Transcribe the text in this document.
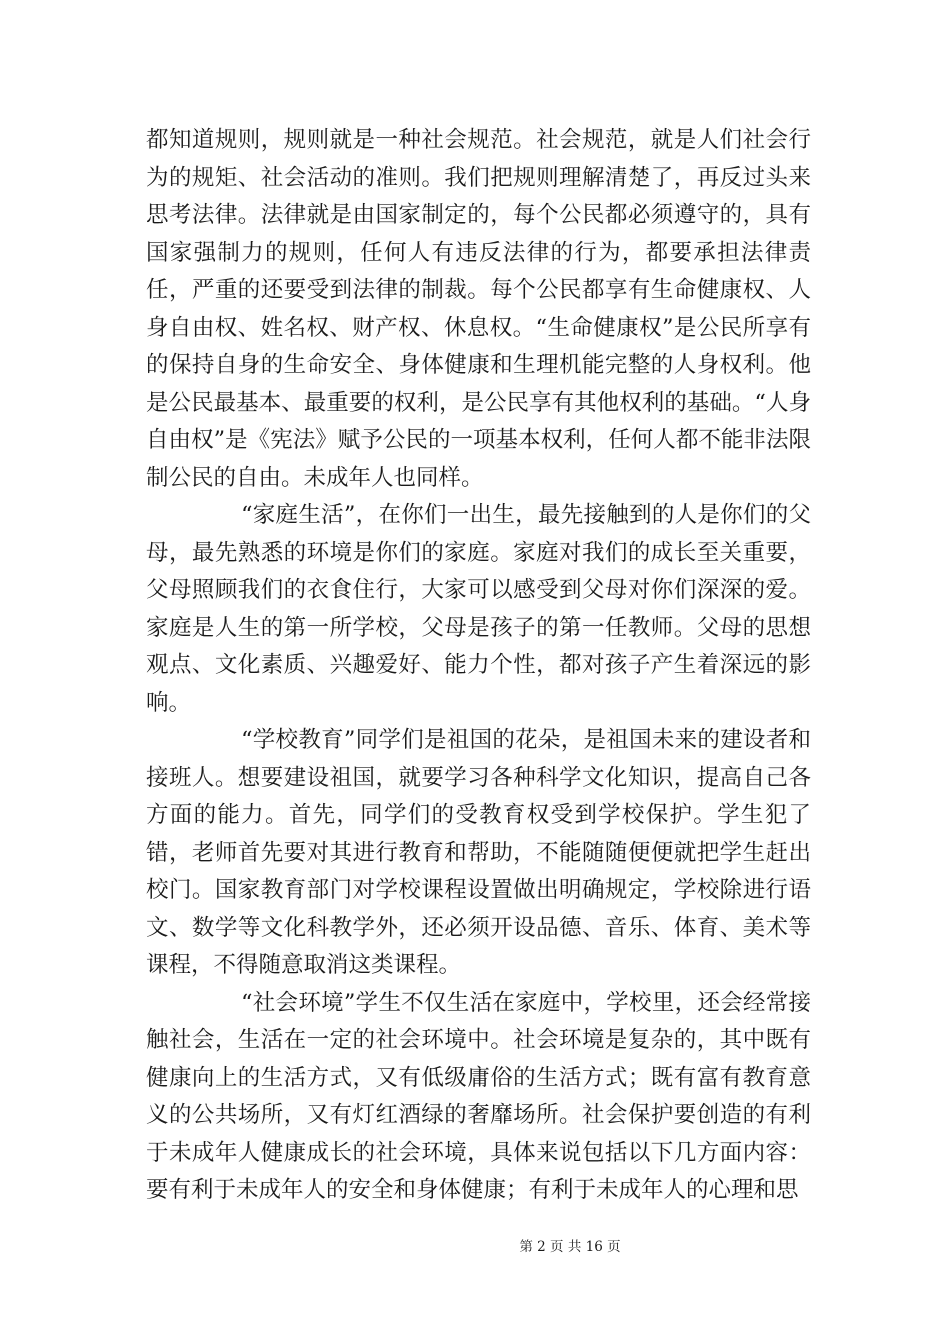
都知道规则，规则就是一种社会规范。社会规范，就是人们社会行为的规矩、社会活动的准则。我们把规则理解清楚了，再反过头来思考法律。法律就是由国家制定的，每个公民都必须遵守的，具有国家强制力的规则，任何人有违反法律的行为，都要承担法律责任，严重的还要受到法律的制裁。每个公民都享有生命健康权、人身自由权、姓名权、财产权、休息权。“生命健康权”是公民所享有的保持自身的生命安全、身体健康和生理机能完整的人身权利。他是公民最基本、最重要的权利，是公民享有其他权利的基础。“人身自由权”是《宪法》赋予公民的一项基本权利，任何人都不能非法限制公民的自由。未成年人也同样。

“家庭生活”，在你们一出生，最先接触到的人是你们的父母，最先熟悉的环境是你们的家庭。家庭对我们的成长至关重要，父母照顾我们的衣食住行，大家可以感受到父母对你们深深的爱。家庭是人生的第一所学校，父母是孩子的第一任教师。父母的思想观点、文化素质、兴趣爱好、能力个性，都对孩子产生着深远的影响。

“学校教育”同学们是祖国的花朵，是祖国未来的建设者和接班人。想要建设祖国，就要学习各种科学文化知识，提高自己各方面的能力。首先，同学们的受教育权受到学校保护。学生犯了错，老师首先要对其进行教育和帮助，不能随随便便就把学生赶出校门。国家教育部门对学校课程设置做出明确规定，学校除进行语文、数学等文化科教学外，还必须开设品德、音乐、体育、美术等课程，不得随意取消这类课程。

“社会环境”学生不仅生活在家庭中，学校里，还会经常接触社会，生活在一定的社会环境中。社会环境是复杂的，其中既有健康向上的生活方式，又有低级庸俗的生活方式；既有富有教育意义的公共场所，又有灯红酒绿的奢靡场所。社会保护要创造的有利于未成年人健康成长的社会环境，具体来说包括以下几方面内容：要有利于未成年人的安全和身体健康；有利于未成年人的心理和思

第 2 页 共 16 页
